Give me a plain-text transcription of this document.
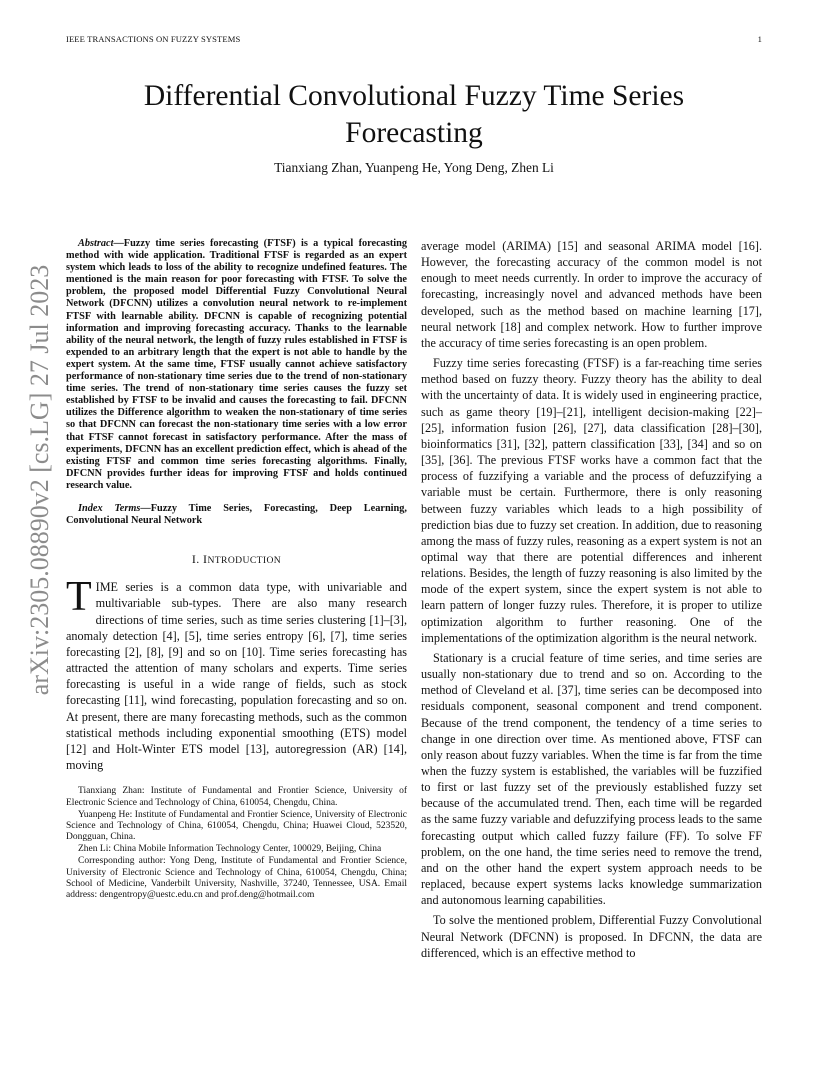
IEEE TRANSACTIONS ON FUZZY SYSTEMS	1
arXiv:2305.08890v2 [cs.LG] 27 Jul 2023
Differential Convolutional Fuzzy Time Series
Forecasting
Tianxiang Zhan, Yuanpeng He, Yong Deng, Zhen Li

Abstract—Fuzzy time series forecasting (FTSF) is a typical forecasting method with wide application. Traditional FTSF is regarded as an expert system which leads to loss of the ability to recognize undefined features. The mentioned is the main reason for poor forecasting with FTSF. To solve the problem, the proposed model Differential Fuzzy Convolutional Neural Network (DFCNN) utilizes a convolution neural network to re-implement FTSF with learnable ability. DFCNN is capable of recognizing potential information and improving forecasting accuracy. Thanks to the learnable ability of the neural network, the length of fuzzy rules established in FTSF is expended to an arbitrary length that the expert is not able to handle by the expert system. At the same time, FTSF usually cannot achieve satisfactory performance of non-stationary time series due to the trend of non-stationary time series. The trend of non-stationary time series causes the fuzzy set established by FTSF to be invalid and causes the forecasting to fail. DFCNN utilizes the Difference algorithm to weaken the non-stationary of time series so that DFCNN can forecast the non-stationary time series with a low error that FTSF cannot forecast in satisfactory performance. After the mass of experiments, DFCNN has an excellent prediction effect, which is ahead of the existing FTSF and common time series forecasting algorithms. Finally, DFCNN provides further ideas for improving FTSF and holds continued research value.

Index Terms—Fuzzy Time Series, Forecasting, Deep Learning, Convolutional Neural Network

I. INTRODUCTION

TIME series is a common data type, with univariable and multivariable sub-types. There are also many research directions of time series, such as time series clustering [1]–[3], anomaly detection [4], [5], time series entropy [6], [7], time series forecasting [2], [8], [9] and so on [10]. Time series forecasting has attracted the attention of many scholars and experts. Time series forecasting is useful in a wide range of fields, such as stock forecasting [11], wind forecasting, population forecasting and so on. At present, there are many forecasting methods, such as the common statistical methods including exponential smoothing (ETS) model [12] and Holt-Winter ETS model [13], autoregression (AR) [14], moving

Tianxiang Zhan: Institute of Fundamental and Frontier Science, University of Electronic Science and Technology of China, 610054, Chengdu, China.

Yuanpeng He: Institute of Fundamental and Frontier Science, University of Electronic Science and Technology of China, 610054, Chengdu, China; Huawei Cloud, 523520, Dongguan, China.

Zhen Li: China Mobile Information Technology Center, 100029, Beijing, China

Corresponding author: Yong Deng, Institute of Fundamental and Frontier Science, University of Electronic Science and Technology of China, 610054, Chengdu, China; School of Medicine, Vanderbilt University, Nashville, 37240, Tennessee, USA. Email address: dengentropy@uestc.edu.cn and prof.deng@hotmail.com

average model (ARIMA) [15] and seasonal ARIMA model [16]. However, the forecasting accuracy of the common model is not enough to meet needs currently. In order to improve the accuracy of forecasting, increasingly novel and advanced methods have been developed, such as the method based on machine learning [17], neural network [18] and complex network. How to further improve the accuracy of time series forecasting is an open problem.

Fuzzy time series forecasting (FTSF) is a far-reaching time series method based on fuzzy theory. Fuzzy theory has the ability to deal with the uncertainty of data. It is widely used in engineering practice, such as game theory [19]–[21], intelligent decision-making [22]–[25], information fusion [26], [27], data classification [28]–[30], bioinformatics [31], [32], pattern classification [33], [34] and so on [35], [36]. The previous FTSF works have a common fact that the process of fuzzifying a variable and the process of defuzzifying a variable must be certain. Furthermore, there is only reasoning between fuzzy variables which leads to a high possibility of prediction bias due to fuzzy set creation. In addition, due to reasoning among the mass of fuzzy rules, reasoning as a expert system is not an optimal way that there are potential differences and inherent relations. Besides, the length of fuzzy reasoning is also limited by the mode of the expert system, since the expert system is not able to learn pattern of longer fuzzy rules. Therefore, it is proper to utilize optimization algorithm to further reasoning. One of the implementations of the optimization algorithm is the neural network.

Stationary is a crucial feature of time series, and time series are usually non-stationary due to trend and so on. According to the method of Cleveland et al. [37], time series can be decomposed into residuals component, seasonal component and trend component. Because of the trend component, the tendency of a time series to change in one direction over time. As mentioned above, FTSF can only reason about fuzzy variables. When the time is far from the time when the fuzzy system is established, the variables will be fuzzified to first or last fuzzy set of the previously established fuzzy set because of the accumulated trend. Then, each time will be regarded as the same fuzzy variable and defuzzifying process leads to the same forecasting output which called fuzzy failure (FF). To solve FF problem, on the one hand, the time series need to remove the trend, and on the other hand the expert system approach needs to be replaced, because expert systems lacks knowledge summarization and autonomous learning capabilities.

To solve the mentioned problem, Differential Fuzzy Convolutional Neural Network (DFCNN) is proposed. In DFCNN, the data are differenced, which is an effective method to
